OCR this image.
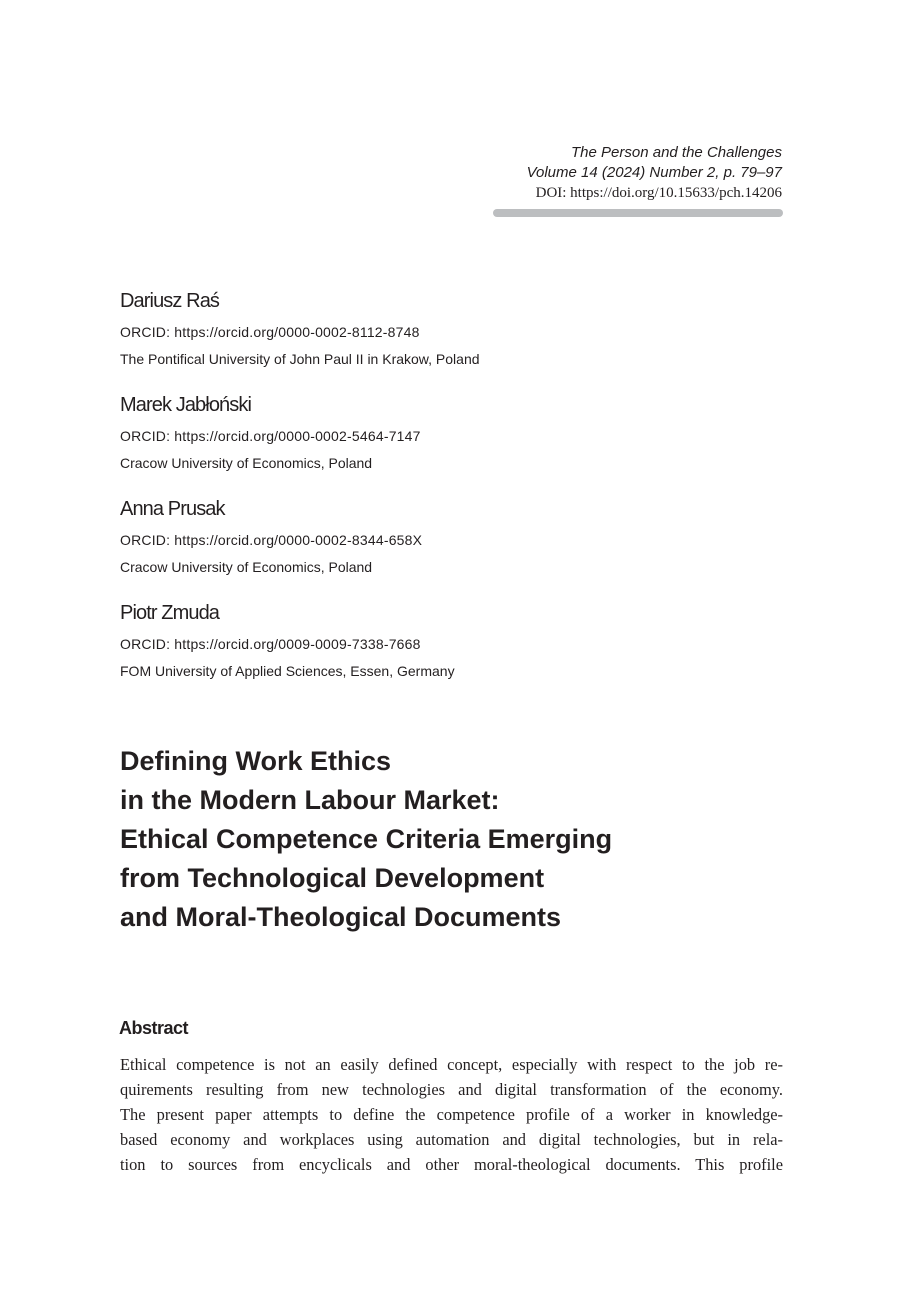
The Person and the Challenges
Volume 14 (2024) Number 2, p. 79–97
DOI: https://doi.org/10.15633/pch.14206
Dariusz Raś
ORCID: https://orcid.org/0000-0002-8112-8748
The Pontifical University of John Paul II in Krakow, Poland
Marek Jabłoński
ORCID: https://orcid.org/0000-0002-5464-7147
Cracow University of Economics, Poland
Anna Prusak
ORCID: https://orcid.org/0000-0002-8344-658X
Cracow University of Economics, Poland
Piotr Zmuda
ORCID: https://orcid.org/0009-0009-7338-7668
FOM University of Applied Sciences, Essen, Germany
Defining Work Ethics
in the Modern Labour Market:
Ethical Competence Criteria Emerging
from Technological Development
and Moral-Theological Documents
Abstract
Ethical competence is not an easily defined concept, especially with respect to the job re-
quirements resulting from new technologies and digital transformation of the economy.
The present paper attempts to define the competence profile of a worker in knowledge-
based economy and workplaces using automation and digital technologies, but in rela-
tion to sources from encyclicals and other moral-theological documents. This profile
